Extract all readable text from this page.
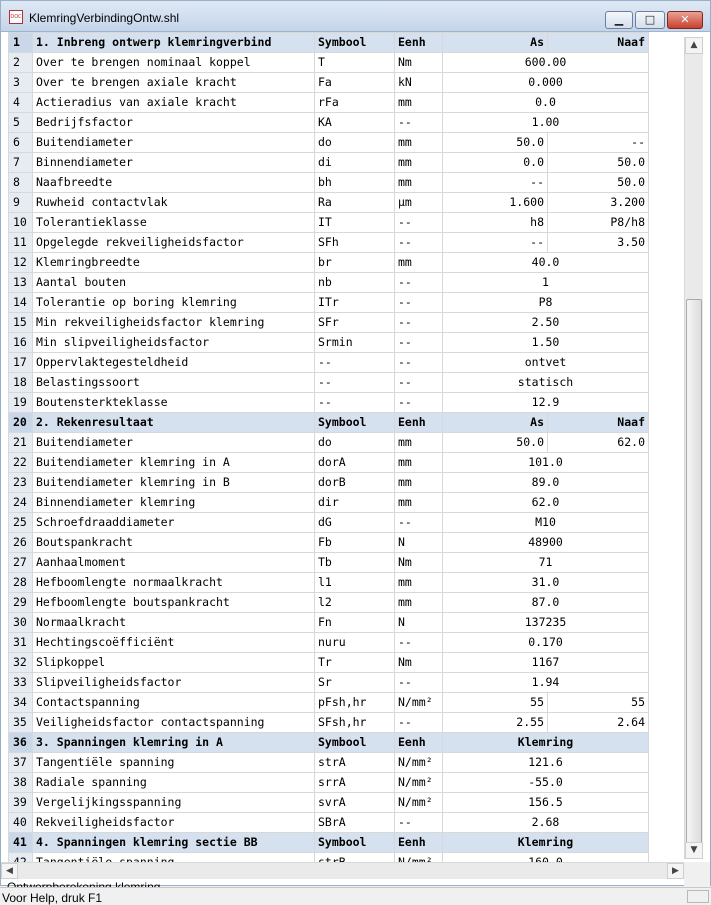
DOC KlemringVerbindingOntw.shl	▁	□	✕
1	1. Inbreng ontwerp klemringverbind	Symbool	Eenh	As	Naaf
2	Over te brengen nominaal koppel	T	Nm	600.00	
3	Over te brengen axiale kracht	Fa	kN	0.000	
4	Actieradius van axiale kracht	rFa	mm	0.0	
5	Bedrijfsfactor	KA	--	1.00	
6	Buitendiameter	do	mm	50.0	--
7	Binnendiameter	di	mm	0.0	50.0
8	Naafbreedte	bh	mm	--	50.0
9	Ruwheid contactvlak	Ra	µm	1.600	3.200
10	Tolerantieklasse	IT	--	h8	P8/h8
11	Opgelegde rekveiligheidsfactor	SFh	--	--	3.50
12	Klemringbreedte	br	mm	40.0	
13	Aantal bouten	nb	--	1	
14	Tolerantie op boring klemring	ITr	--	P8	
15	Min rekveiligheidsfactor klemring	SFr	--	2.50	
16	Min slipveiligheidsfactor	Srmin	--	1.50	
17	Oppervlaktegesteldheid	--	--	ontvet	
18	Belastingssoort	--	--	statisch	
19	Boutensterkteklasse	--	--	12.9	
20	2. Rekenresultaat	Symbool	Eenh	As	Naaf
21	Buitendiameter	do	mm	50.0	62.0
22	Buitendiameter klemring in A	dorA	mm	101.0	
23	Buitendiameter klemring in B	dorB	mm	89.0	
24	Binnendiameter klemring	dir	mm	62.0	
25	Schroefdraaddiameter	dG	--	M10	
26	Boutspankracht	Fb	N	48900	
27	Aanhaalmoment	Tb	Nm	71	
28	Hefboomlengte normaalkracht	l1	mm	31.0	
29	Hefboomlengte boutspankracht	l2	mm	87.0	
30	Normaalkracht	Fn	N	137235	
31	Hechtingscoëfficiënt	nuru	--	0.170	
32	Slipkoppel	Tr	Nm	1167	
33	Slipveiligheidsfactor	Sr	--	1.94	
34	Contactspanning	pFsh,hr	N/mm²	55	55
35	Veiligheidsfactor contactspanning	SFsh,hr	--	2.55	2.64
36	3. Spanningen klemring in A	Symbool	Eenh	Klemring	
37	Tangentiële spanning	strA	N/mm²	121.6	
38	Radiale spanning	srrA	N/mm²	-55.0	
39	Vergelijkingsspanning	svrA	N/mm²	156.5	
40	Rekveiligheidsfactor	SBrA	--	2.68	
41	4. Spanningen klemring sectie BB	Symbool	Eenh	Klemring	

▲
▼
◀	▶
Voor Help, druk F1
